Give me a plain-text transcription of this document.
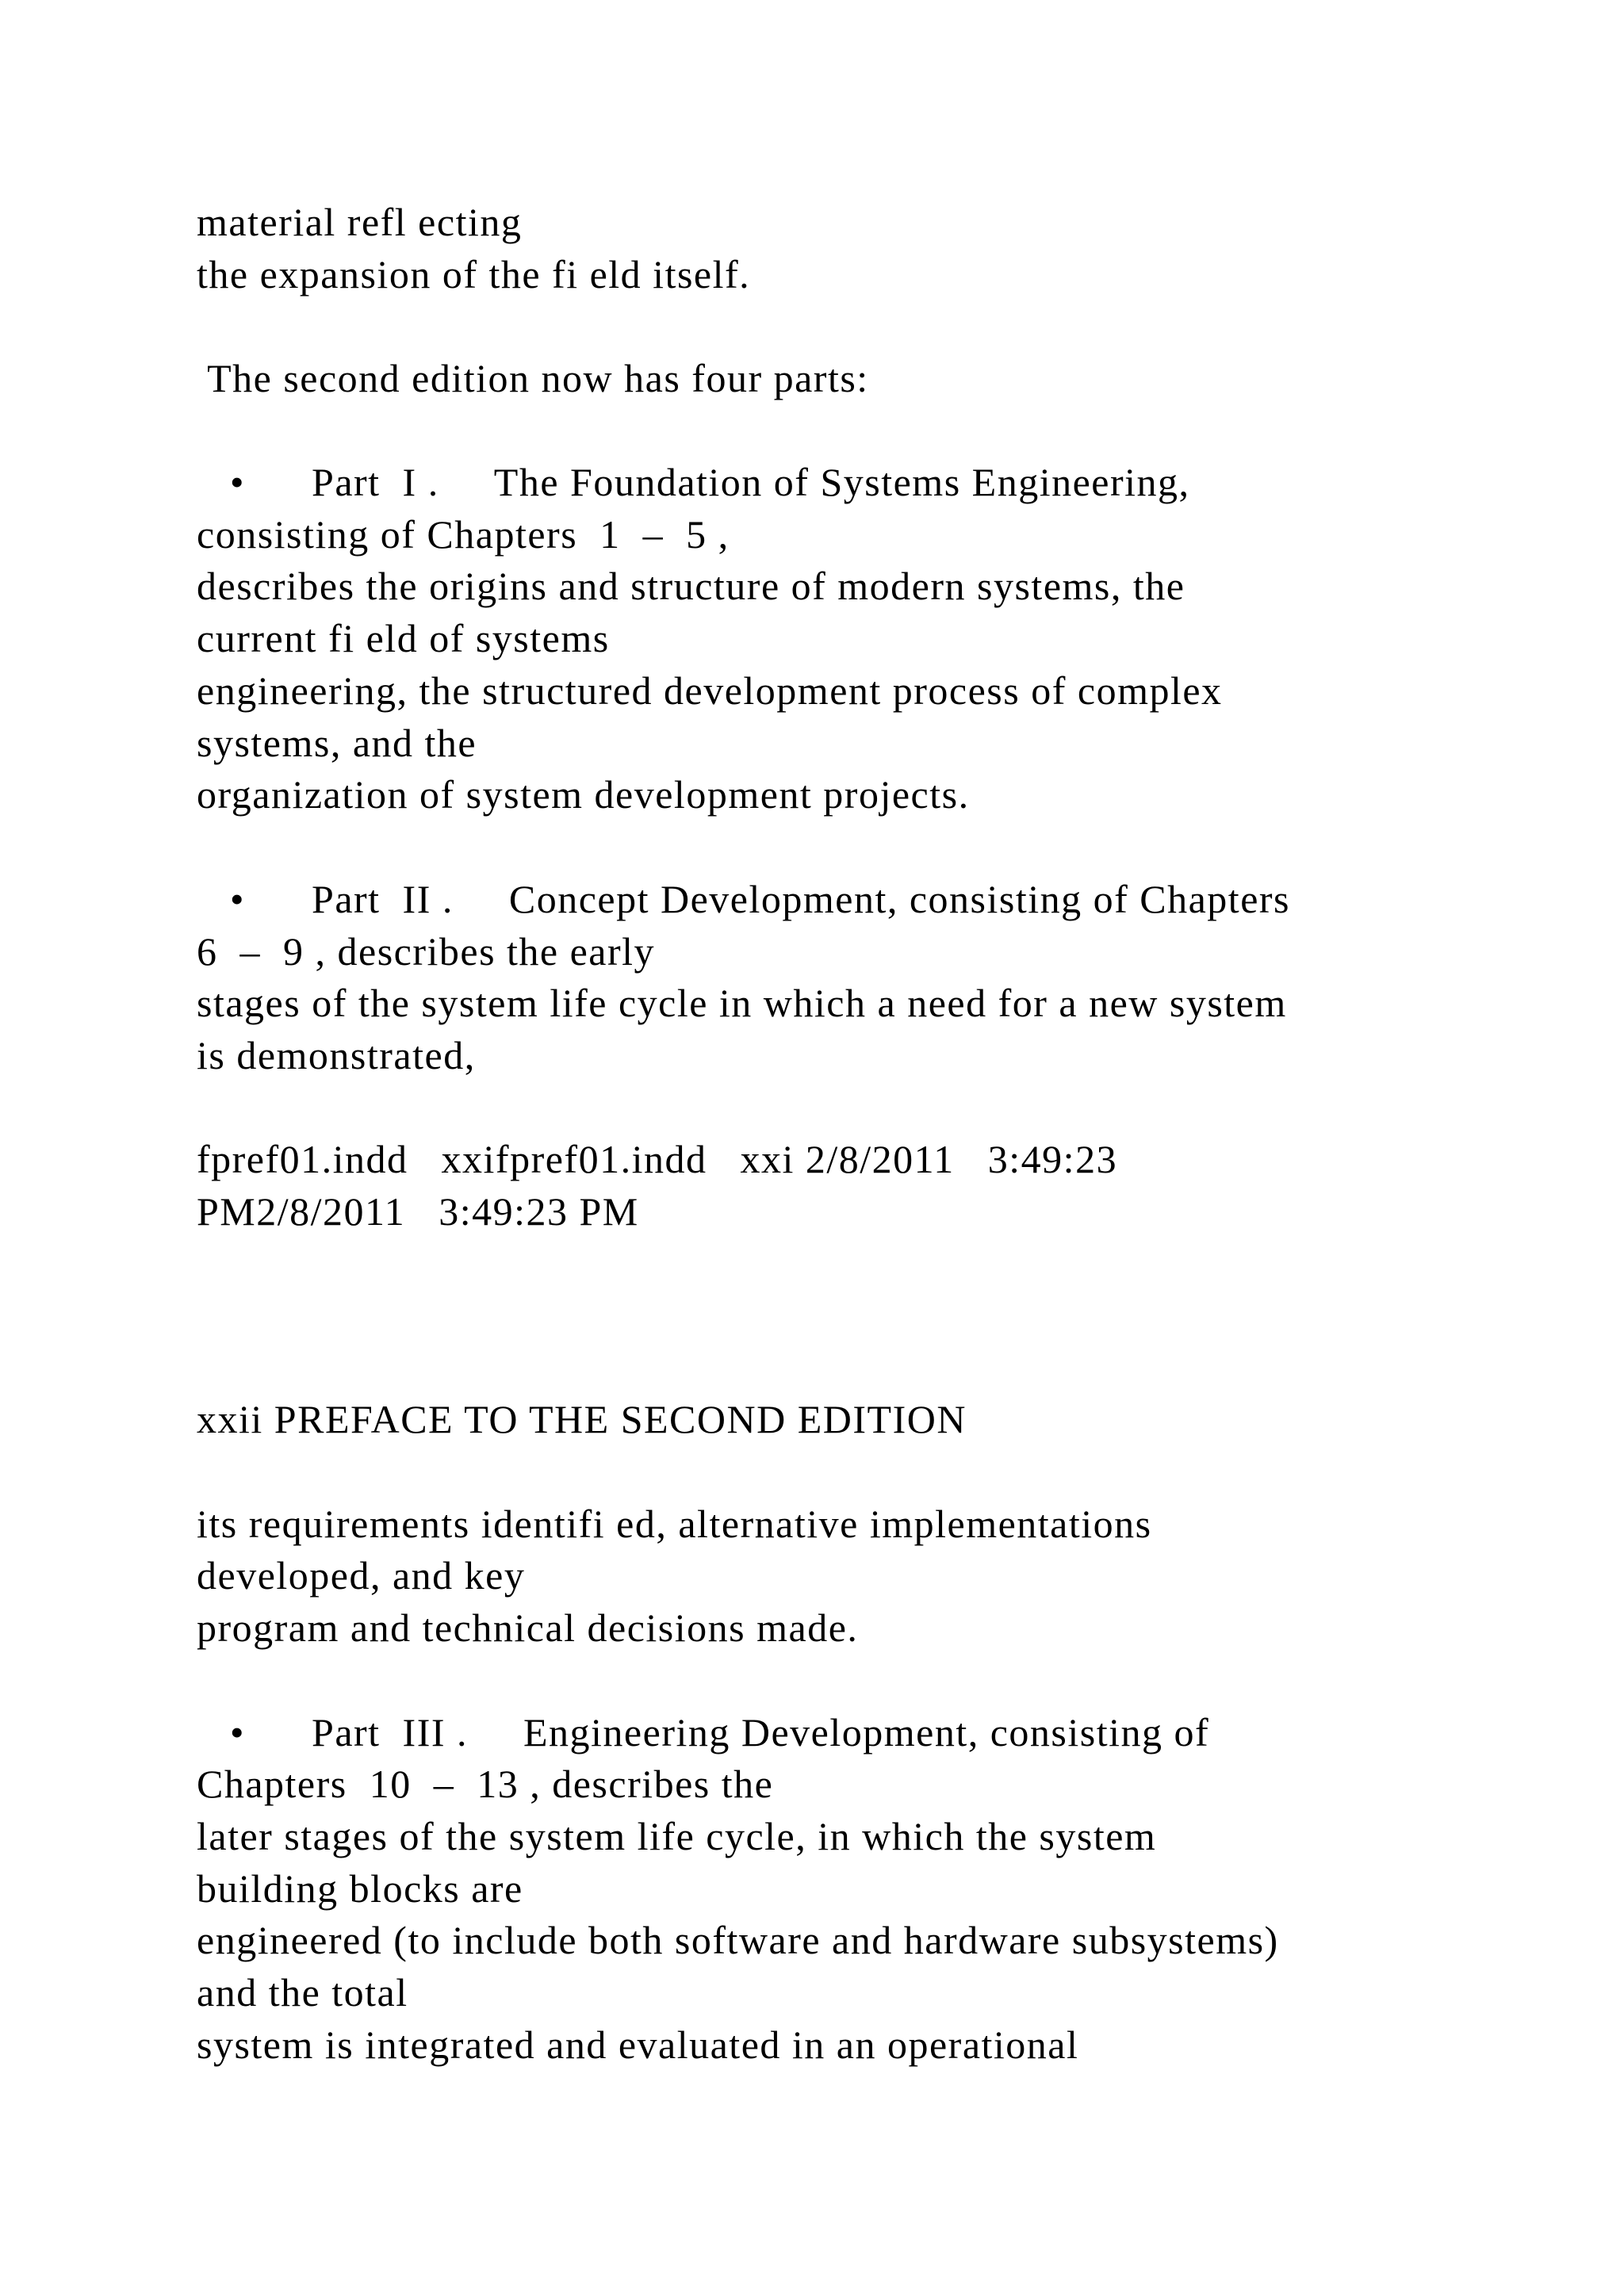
material refl ecting
the expansion of the fi eld itself.
The second edition now has four parts:
•      Part  I .     The Foundation of Systems Engineering,
consisting of Chapters  1  –  5 ,
describes the origins and structure of modern systems, the
current fi eld of systems
engineering, the structured development process of complex
systems, and the
organization of system development projects.
•      Part  II .     Concept Development, consisting of Chapters
6  –  9 , describes the early
stages of the system life cycle in which a need for a new system
is demonstrated,
fpref01.indd   xxifpref01.indd   xxi 2/8/2011   3:49:23
PM2/8/2011   3:49:23 PM
xxii PREFACE TO THE SECOND EDITION
its requirements identifi ed, alternative implementations
developed, and key
program and technical decisions made.
•      Part  III .     Engineering Development, consisting of
Chapters  10  –  13 , describes the
later stages of the system life cycle, in which the system
building blocks are
engineered (to include both software and hardware subsystems)
and the total
system is integrated and evaluated in an operational
